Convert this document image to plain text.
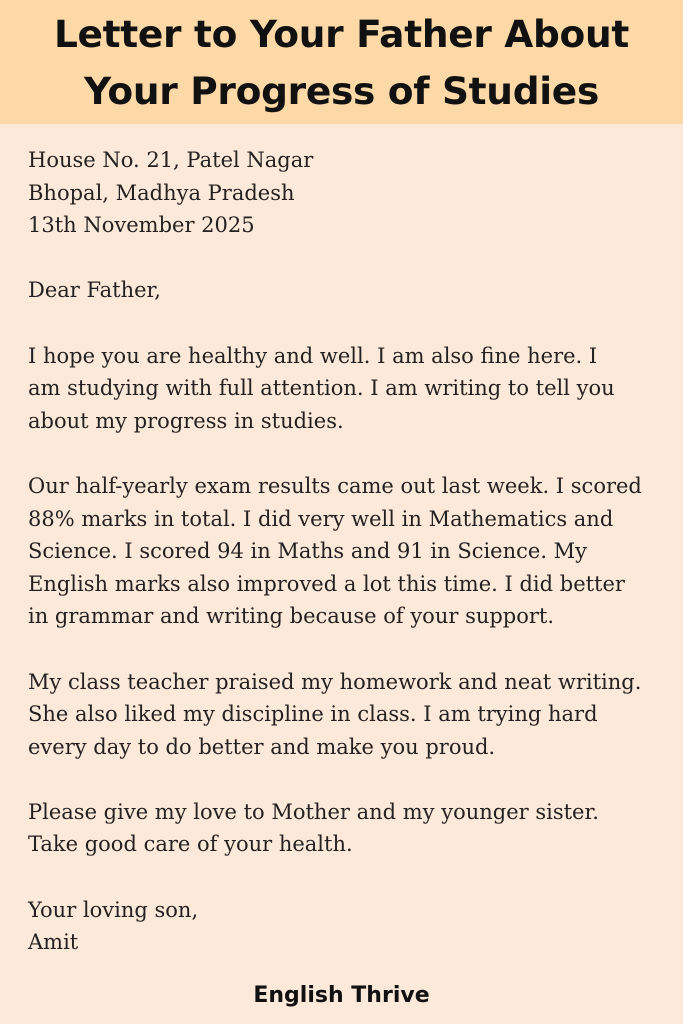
Letter to Your Father About
Your Progress of Studies
House No. 21, Patel Nagar
Bhopal, Madhya Pradesh
13th November 2025
Dear Father,
I hope you are healthy and well. I am also fine here. I
am studying with full attention. I am writing to tell you
about my progress in studies.
Our half-yearly exam results came out last week. I scored
88% marks in total. I did very well in Mathematics and
Science. I scored 94 in Maths and 91 in Science. My
English marks also improved a lot this time. I did better
in grammar and writing because of your support.
My class teacher praised my homework and neat writing.
She also liked my discipline in class. I am trying hard
every day to do better and make you proud.
Please give my love to Mother and my younger sister.
Take good care of your health.
Your loving son,
Amit
English Thrive
